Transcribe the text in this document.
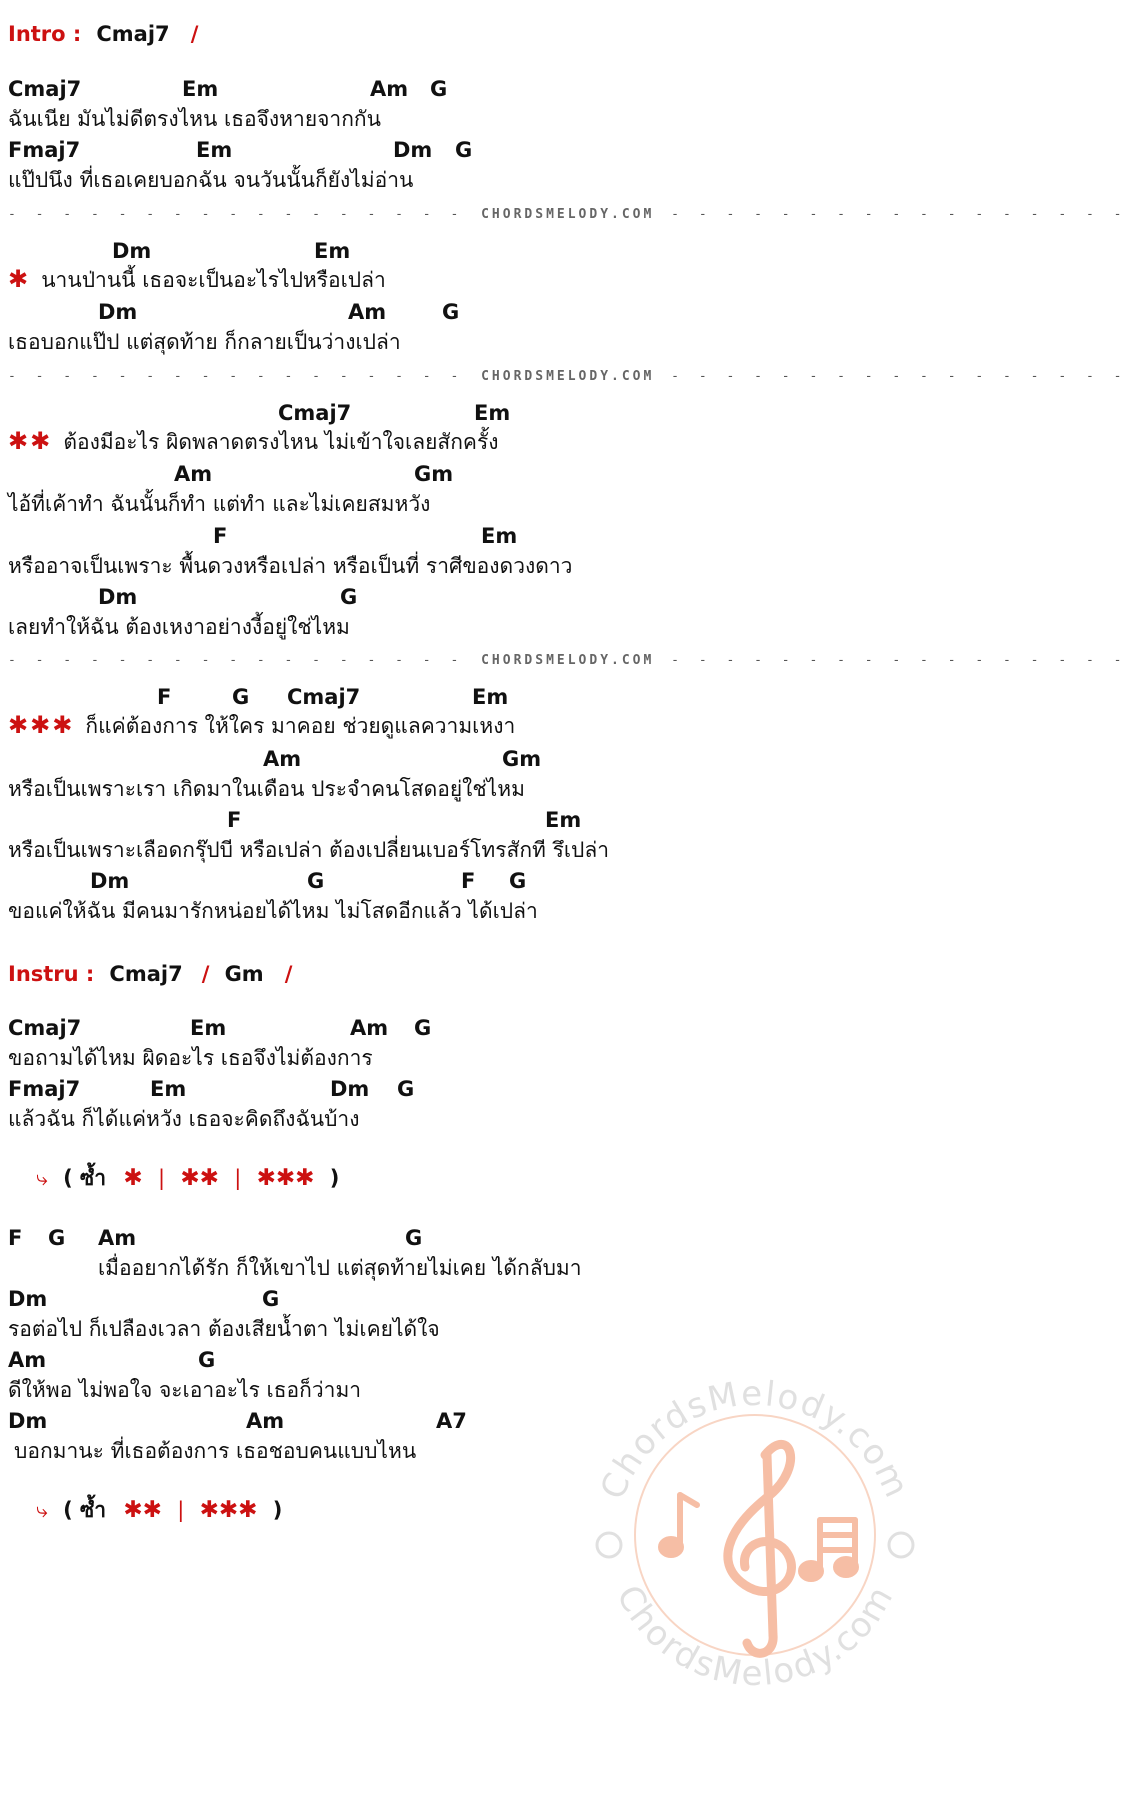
Intro : Cmaj7 /
Cmaj7	Em	Am G
ฉันเนีย มันไม่ดีตรงไหน เธอจึงหายจากกัน
Fmaj7	Em	Dm G
แป๊ปนึง ที่เธอเคยบอกฉัน จนวันนั้นก็ยังไม่อ่าน
- - - - - - - - - - - - - - - - - CHORDSMELODY.COM - - - - - - - - - - - - - - - - -
Dm	Em
✱ นานป่านนี้ เธอจะเป็นอะไรไปหรือเปล่า
Dm	Am	G
เธอบอกแป๊ป แต่สุดท้าย ก็กลายเป็นว่างเปล่า
- - - - - - - - - - - - - - - - - CHORDSMELODY.COM - - - - - - - - - - - - - - - - -
Cmaj7	Em
✱✱ ต้องมีอะไร ผิดพลาดตรงไหน ไม่เข้าใจเลยสักครั้ง
Am	Gm
ไอ้ที่เค้าทำ ฉันนั้นก็ทำ แต่ทำ และไม่เคยสมหวัง
F	Em
หรืออาจเป็นเพราะ พื้นดวงหรือเปล่า หรือเป็นที่ ราศีของดวงดาว
Dm	G
เลยทำให้ฉัน ต้องเหงาอย่างงี้อยู่ใช่ไหม
- - - - - - - - - - - - - - - - - CHORDSMELODY.COM - - - - - - - - - - - - - - - - -
F	G Cmaj7	Em
✱✱✱ ก็แค่ต้องการ ให้ใคร มาคอย ช่วยดูแลความเหงา
Am	Gm
หรือเป็นเพราะเรา เกิดมาในเดือน ประจำคนโสดอยู่ใช่ไหม
F	Em
หรือเป็นเพราะเลือดกรุ๊ปบี หรือเปล่า ต้องเปลี่ยนเบอร์โทรสักที รึเปล่า
Dm	G	F G
ขอแค่ให้ฉัน มีคนมารักหน่อยได้ไหม ไม่โสดอีกแล้ว ได้เปล่า
Instru : Cmaj7 / Gm /
Cmaj7	Em	Am G
ขอถามได้ไหม ผิดอะไร เธอจึงไม่ต้องการ
Fmaj7	Em	Dm G
แล้วฉัน ก็ได้แค่หวัง เธอจะคิดถึงฉันบ้าง
⤷ ( ซ้ำ ✱ | ✱✱ | ✱✱✱ )
F G Am	G
เมื่ออยากได้รัก ก็ให้เขาไป แต่สุดท้ายไม่เคย ได้กลับมา
Dm	G
รอต่อไป ก็เปลืองเวลา ต้องเสียน้ำตา ไม่เคยได้ใจ
Am	G
ดีให้พอ ไม่พอใจ จะเอาอะไร เธอก็ว่ามา
Dm	Am	A7
บอกมานะ ที่เธอต้องการ เธอชอบคนแบบไหน
⤷ ( ซ้ำ ✱✱ | ✱✱✱ )
ChordsMelody.com
ChordsMelody.com
